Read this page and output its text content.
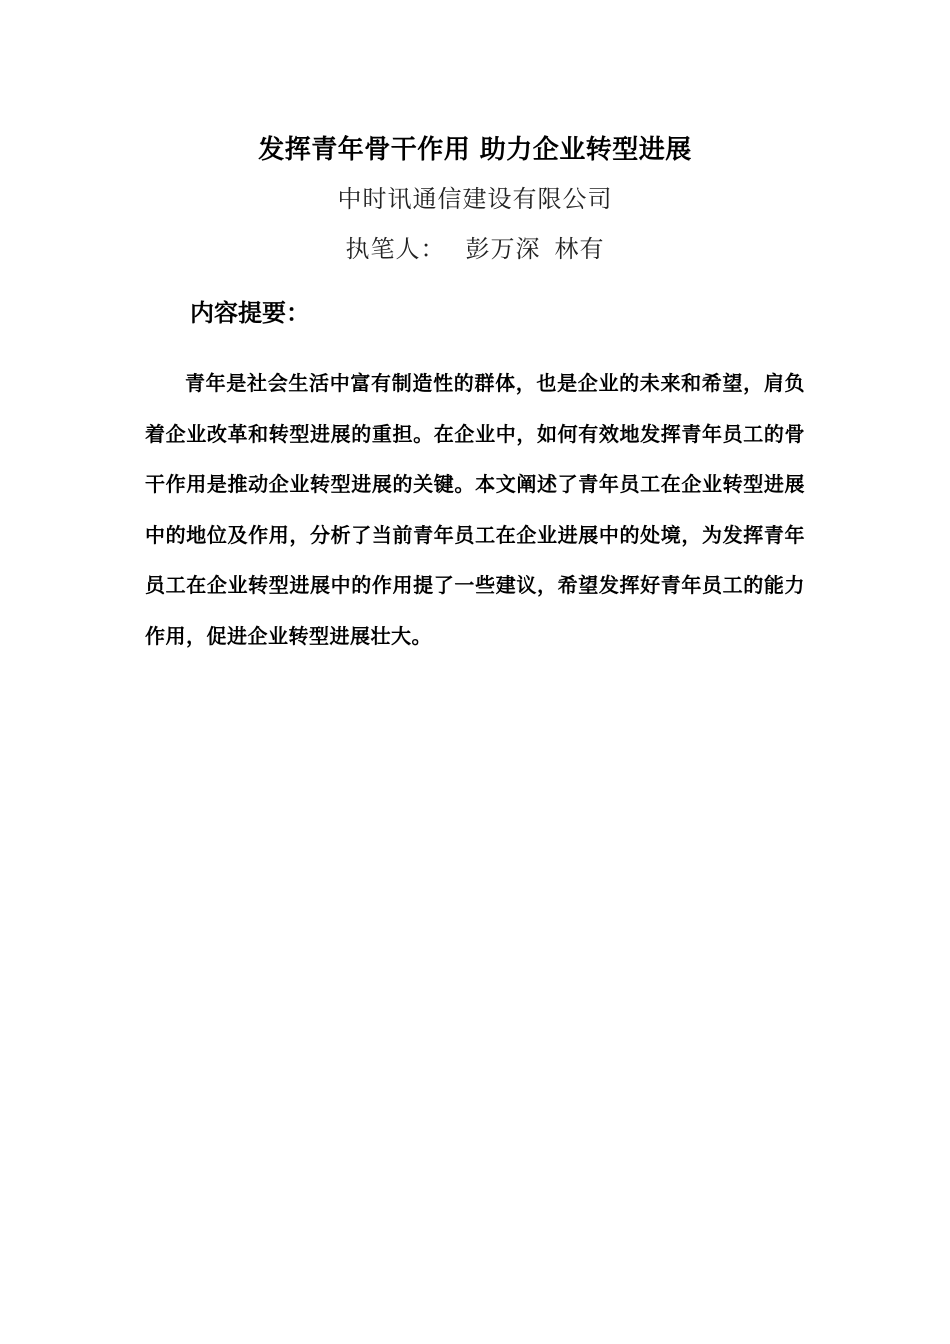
发挥青年骨干作用 助力企业转型进展
中时讯通信建设有限公司
执笔人： 彭万深 林有
内容提要：
青年是社会生活中富有制造性的群体，也是企业的未来和希望，肩负着企业改革和转型进展的重担。在企业中，如何有效地发挥青年员工的骨干作用是推动企业转型进展的关键。本文阐述了青年员工在企业转型进展中的地位及作用，分析了当前青年员工在企业进展中的处境，为发挥青年员工在企业转型进展中的作用提了一些建议，希望发挥好青年员工的能力作用，促进企业转型进展壮大。
